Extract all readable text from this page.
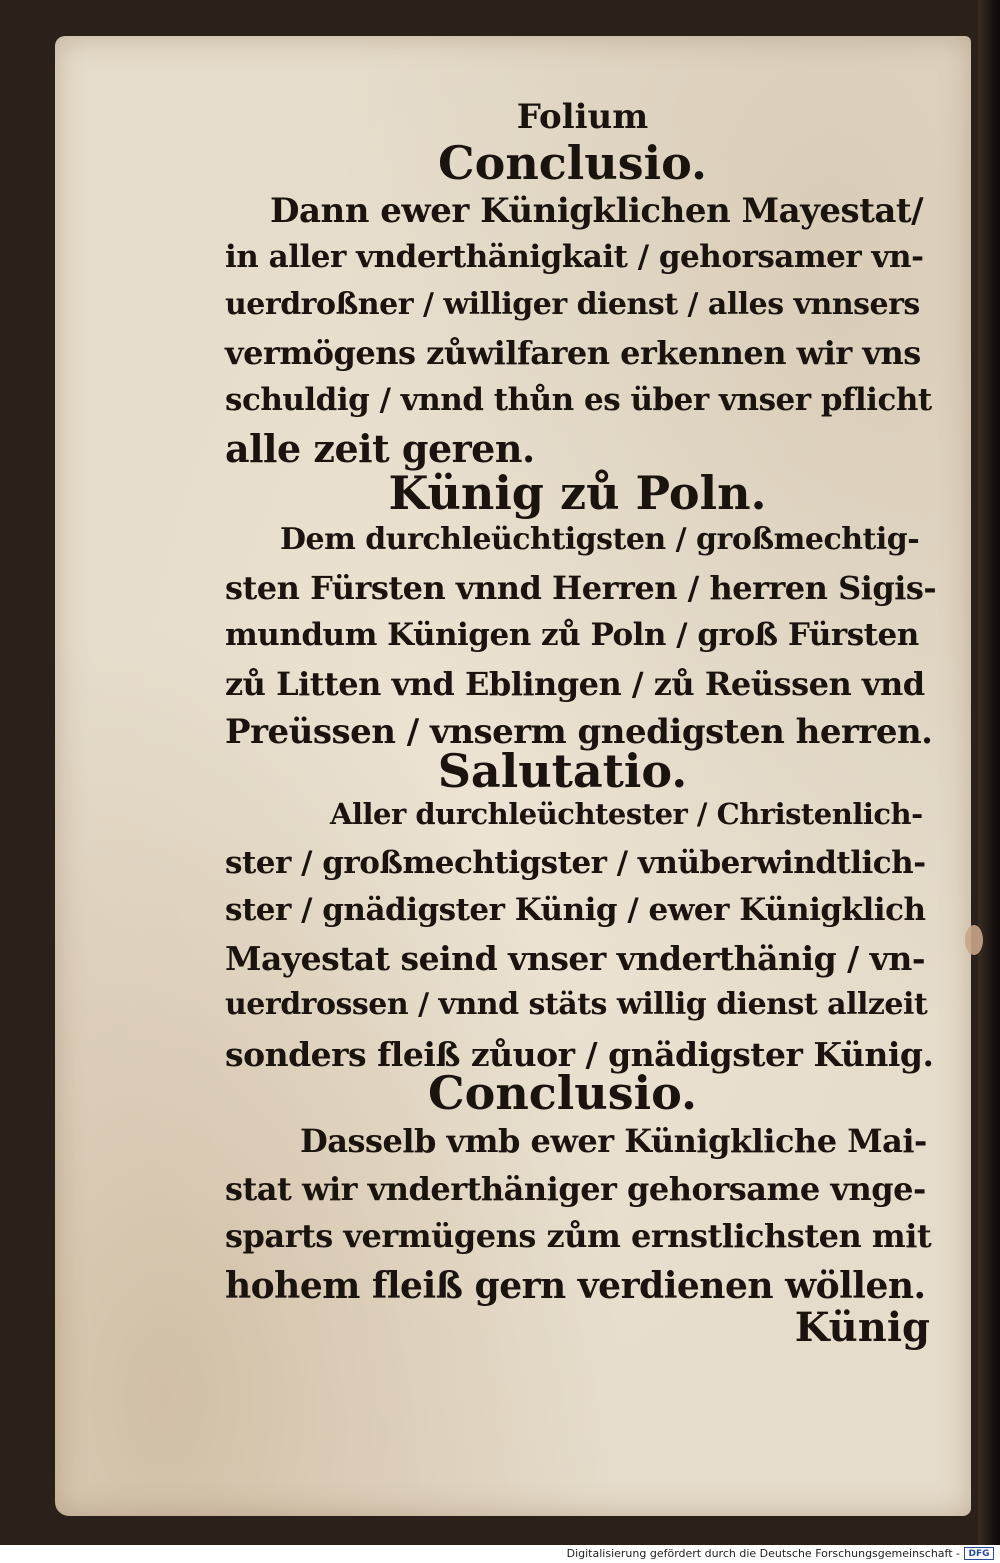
Folium
Conclusio.
Dann ewer Künigklichen Mayestat/
in aller vnderthänigkait / gehorsamer vn-
uerdroßner / williger dienst / alles vnnsers
vermögens zůwilfaren erkennen wir vns
schuldig / vnnd thůn es über vnser pflicht
alle zeit geren.
Künig zů Poln.
Dem durchleüchtigsten / großmechtig-
sten Fürsten vnnd Herren / herren Sigis-
mundum Künigen zů Poln / groß Fürsten
zů Litten vnd Eblingen / zů Reüssen vnd
Preüssen / vnserm gnedigsten herren.
Salutatio.
Aller durchleüchtester / Christenlich-
ster / großmechtigster / vnüberwindtlich-
ster / gnädigster Künig / ewer Künigklich
Mayestat seind vnser vnderthänig / vn-
uerdrossen / vnnd stäts willig dienst allzeit
sonders fleiß zůuor / gnädigster Künig.
Conclusio.
Dasselb vmb ewer Künigkliche Mai-
stat wir vnderthäniger gehorsame vnge-
sparts vermügens zům ernstlichsten mit
hohem fleiß gern verdienen wöllen.
Künig
Digitalisierung gefördert durch die Deutsche Forschungsgemeinschaft - DFG
